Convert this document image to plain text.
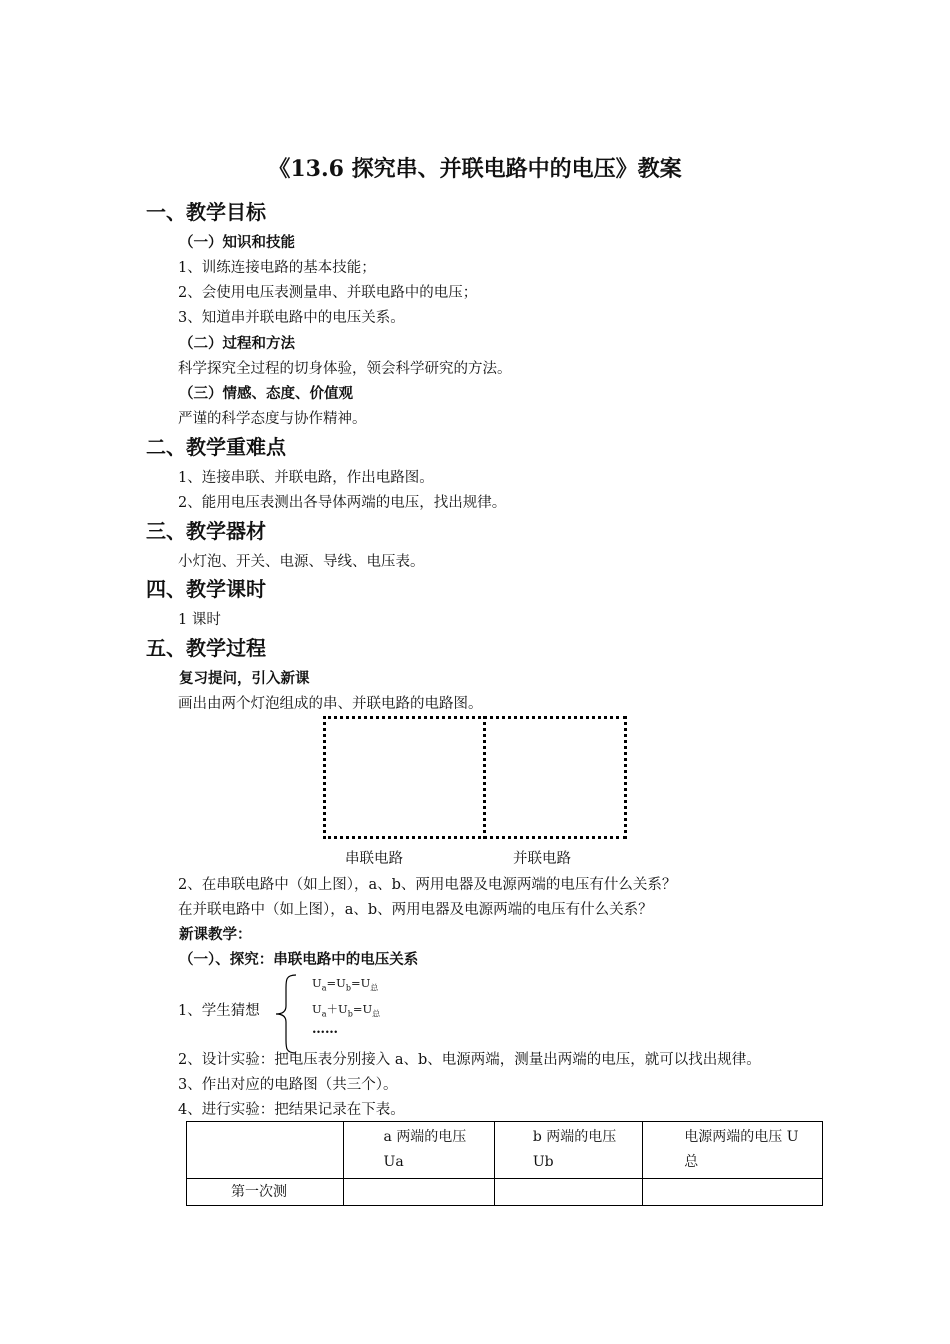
《13.6 探究串、并联电路中的电压》教案
一、教学目标
（一）知识和技能
1、训练连接电路的基本技能；
2、会使用电压表测量串、并联电路中的电压；
3、知道串并联电路中的电压关系。
（二）过程和方法
科学探究全过程的切身体验，领会科学研究的方法。
（三）情感、态度、价值观
严谨的科学态度与协作精神。
二、教学重难点
1、连接串联、并联电路，作出电路图。
2、能用电压表测出各导体两端的电压，找出规律。
三、教学器材
小灯泡、开关、电源、导线、电压表。
四、教学课时
1 课时
五、教学过程
复习提问，引入新课
画出由两个灯泡组成的串、并联电路的电路图。
串联电路	并联电路
2、在串联电路中（如上图），a、b、两用电器及电源两端的电压有什么关系？
在并联电路中（如上图），a、b、两用电器及电源两端的电压有什么关系？
新课教学：
（一）、探究：串联电路中的电压关系
1、学生猜想
$U_a=U_b=U_总$
$U_a+U_b=U_总$
……
2、设计实验：把电压表分别接入 a、b、电源两端，测量出两端的电压，就可以找出规律。
3、作出对应的电路图（共三个）。
4、进行实验：把结果记录在下表。
	a 两端的电压 Ua	b 两端的电压 Ub	电源两端的电压 U 总
第一次测			
